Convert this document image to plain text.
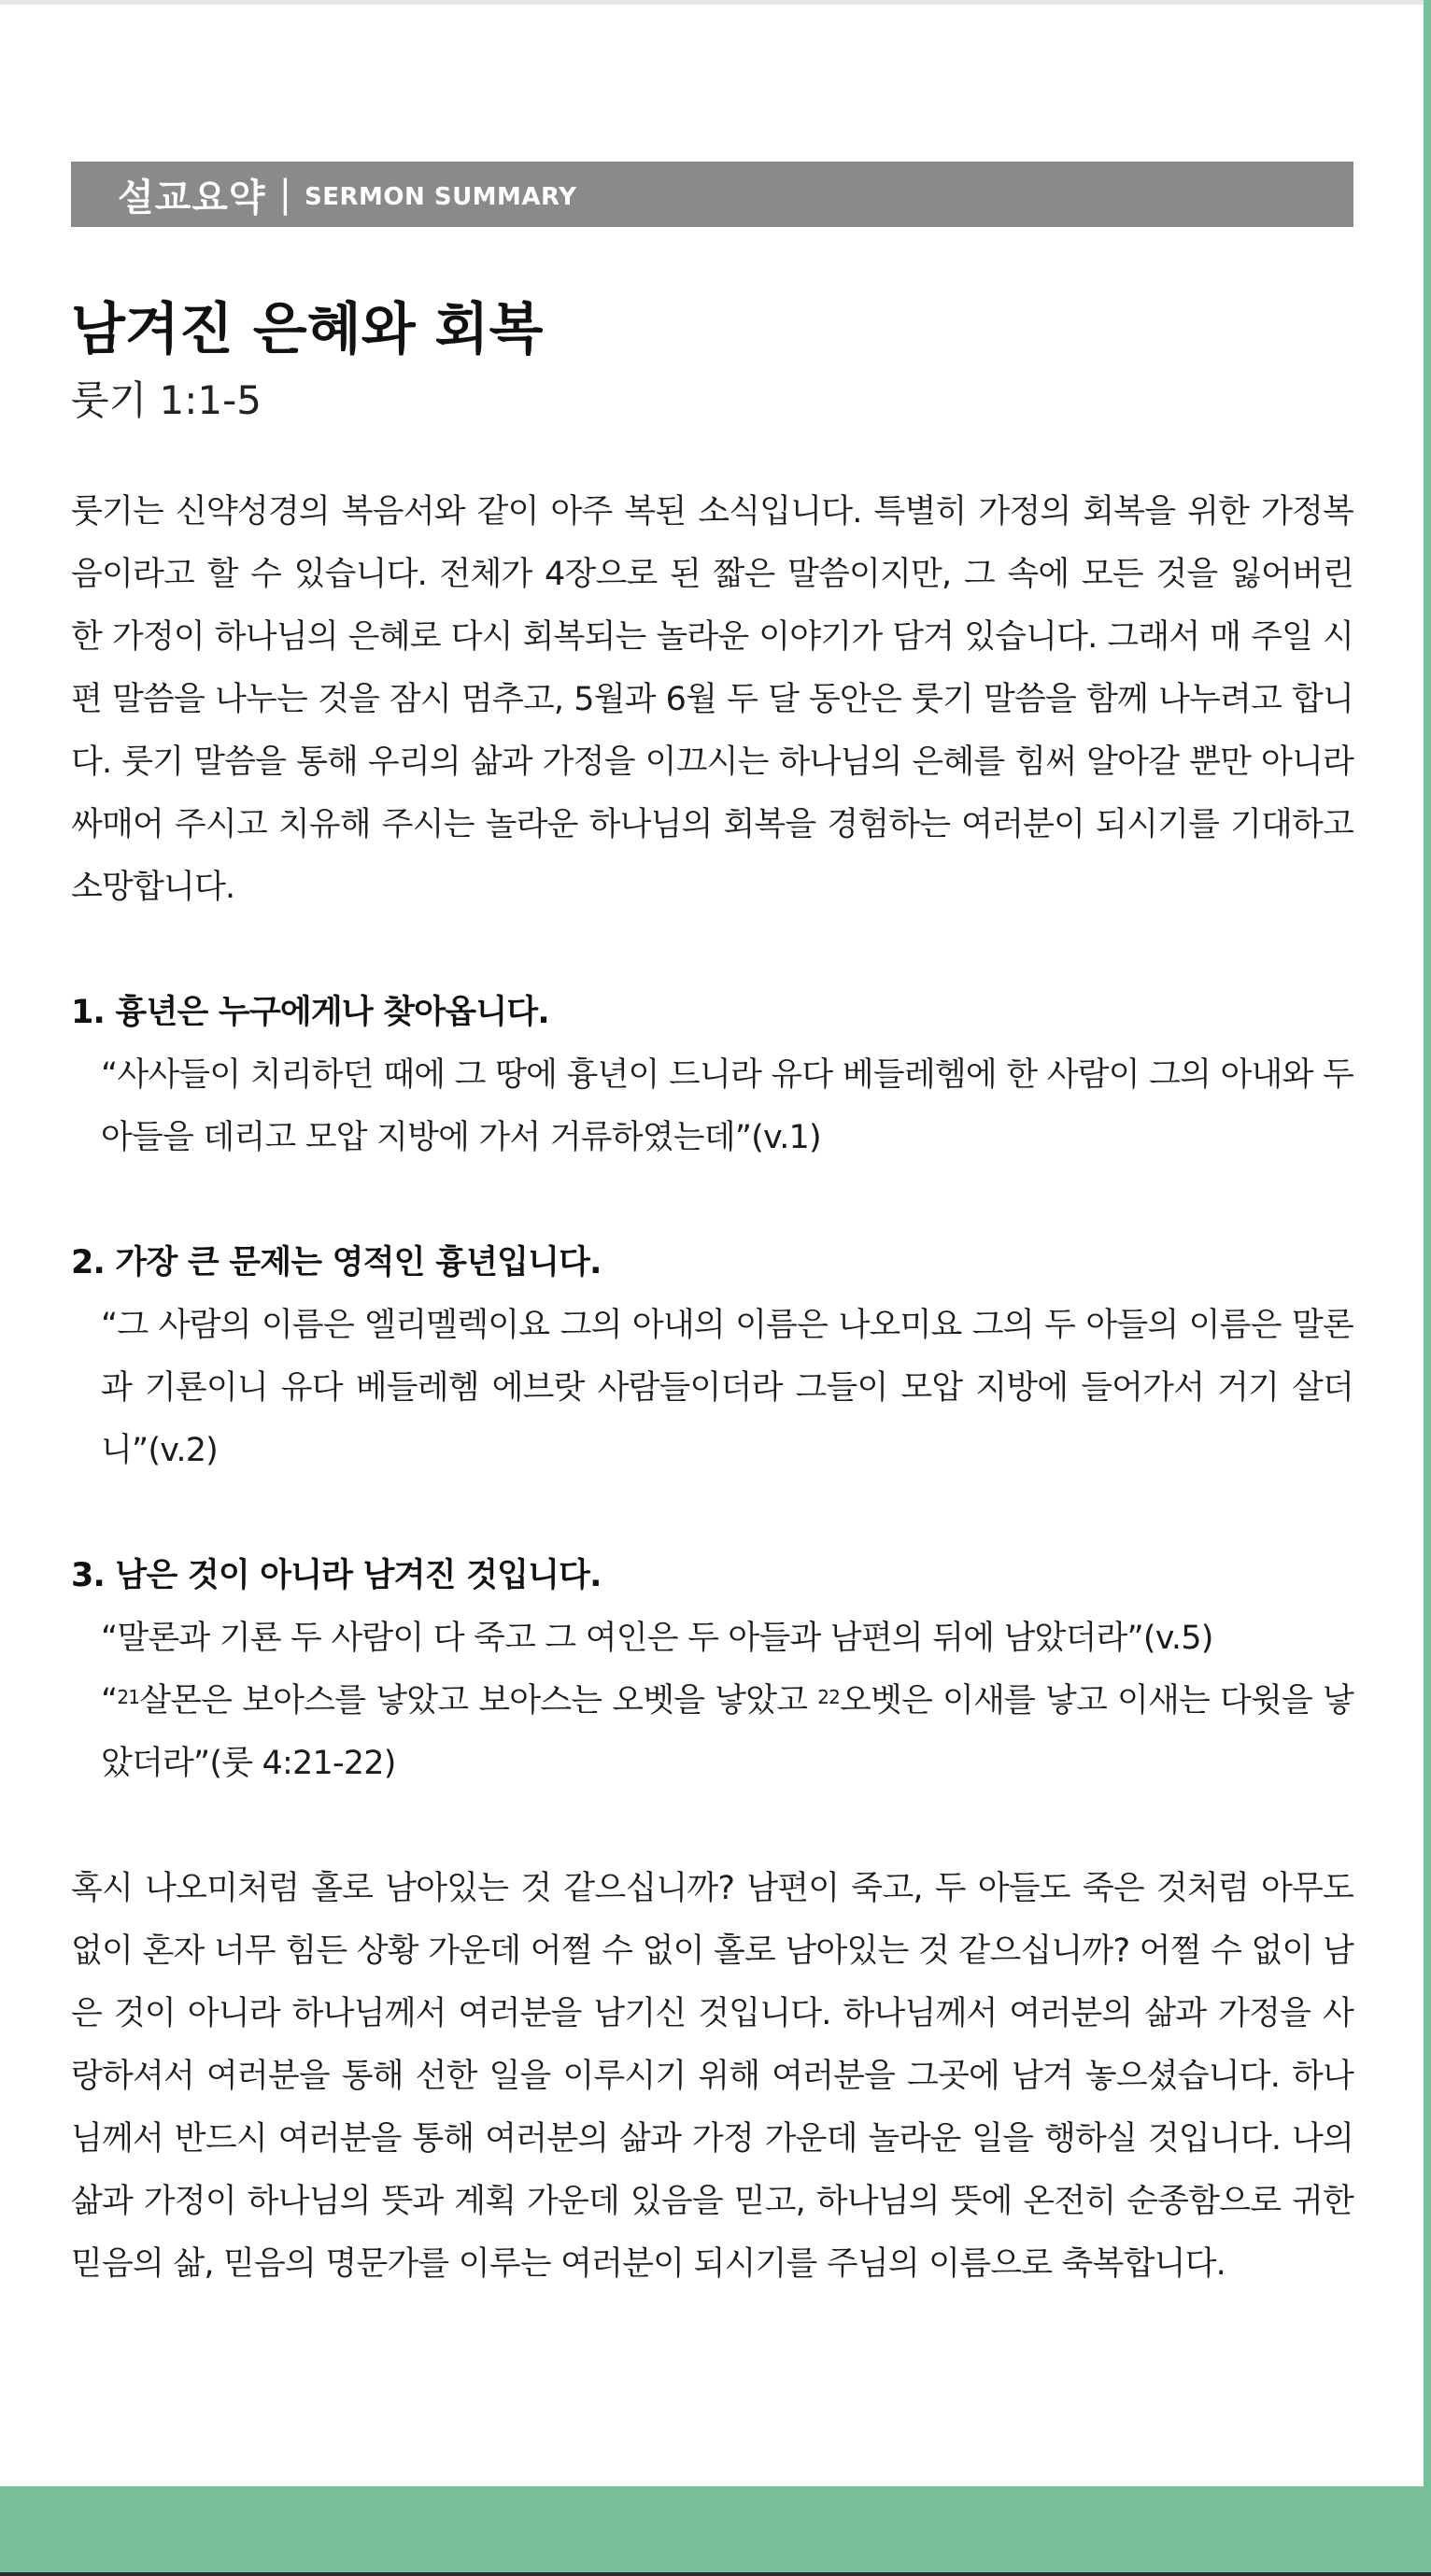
설교요약 | SERMON SUMMARY
남겨진 은혜와 회복
룻기 1:1-5

룻기는 신약성경의 복음서와 같이 아주 복된 소식입니다. 특별히 가정의 회복을 위한 가정복음이라고 할 수 있습니다. 전체가 4장으로 된 짧은 말씀이지만, 그 속에 모든 것을 잃어버린 한 가정이 하나님의 은혜로 다시 회복되는 놀라운 이야기가 담겨 있습니다. 그래서 매 주일 시편 말씀을 나누는 것을 잠시 멈추고, 5월과 6월 두 달 동안은 룻기 말씀을 함께 나누려고 합니다. 룻기 말씀을 통해 우리의 삶과 가정을 이끄시는 하나님의 은혜를 힘써 알아갈 뿐만 아니라 싸매어 주시고 치유해 주시는 놀라운 하나님의 회복을 경험하는 여러분이 되시기를 기대하고 소망합니다.

1. 흉년은 누구에게나 찾아옵니다.
“사사들이 치리하던 때에 그 땅에 흉년이 드니라 유다 베들레헴에 한 사람이 그의 아내와 두 아들을 데리고 모압 지방에 가서 거류하였는데”(v.1)
2. 가장 큰 문제는 영적인 흉년입니다.
“그 사람의 이름은 엘리멜렉이요 그의 아내의 이름은 나오미요 그의 두 아들의 이름은 말론과 기룐이니 유다 베들레헴 에브랏 사람들이더라 그들이 모압 지방에 들어가서 거기 살더니”(v.2)
3. 남은 것이 아니라 남겨진 것입니다.
“말론과 기룐 두 사람이 다 죽고 그 여인은 두 아들과 남편의 뒤에 남았더라”(v.5)
“$^{21}$살몬은 보아스를 낳았고 보아스는 오벳을 낳았고 $^{22}$오벳은 이새를 낳고 이새는 다윗을 낳았더라”(룻 4:21-22)

혹시 나오미처럼 홀로 남아있는 것 같으십니까? 남편이 죽고, 두 아들도 죽은 것처럼 아무도 없이 혼자 너무 힘든 상황 가운데 어쩔 수 없이 홀로 남아있는 것 같으십니까? 어쩔 수 없이 남은 것이 아니라 하나님께서 여러분을 남기신 것입니다. 하나님께서 여러분의 삶과 가정을 사랑하셔서 여러분을 통해 선한 일을 이루시기 위해 여러분을 그곳에 남겨 놓으셨습니다. 하나님께서 반드시 여러분을 통해 여러분의 삶과 가정 가운데 놀라운 일을 행하실 것입니다. 나의 삶과 가정이 하나님의 뜻과 계획 가운데 있음을 믿고, 하나님의 뜻에 온전히 순종함으로 귀한 믿음의 삶, 믿음의 명문가를 이루는 여러분이 되시기를 주님의 이름으로 축복합니다.
